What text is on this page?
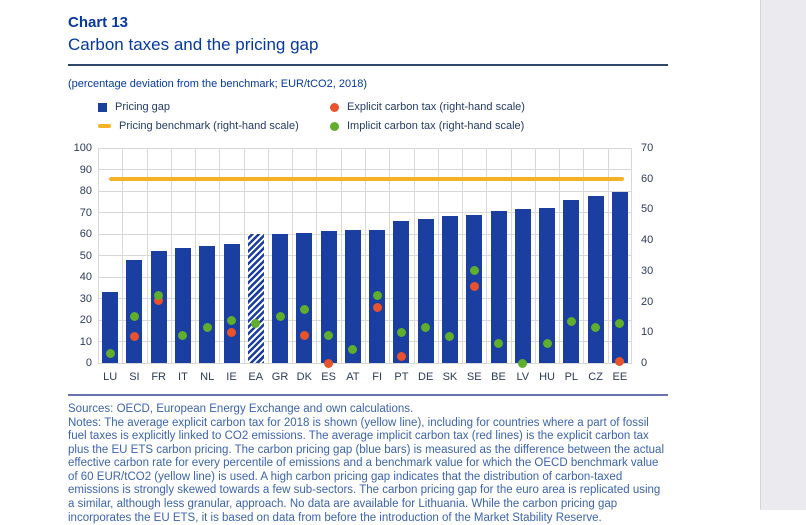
Chart 13
Carbon taxes and the pricing gap
(percentage deviation from the benchmark; EUR/tCO2, 2018)
Pricing gap	Explicit carbon tax (right-hand scale)
Pricing benchmark (right-hand scale)	Implicit carbon tax (right-hand scale)
0
10
20
30
40
50
60
70
80
90
100
0
10
20
30
40
50
60
70
LU	SI	FR	IT	NL	IE	EA GR DK ES AT	FI	PT DE SK SE BE LV HU PL CZ EE

Sources: OECD, European Energy Exchange and own calculations.

Notes: The average explicit carbon tax for 2018 is shown (yellow line), including for countries where a part of fossil fuel taxes is explicitly linked to CO2 emissions. The average implicit carbon tax (red lines) is the explicit carbon tax plus the EU ETS carbon pricing. The carbon pricing gap (blue bars) is measured as the difference between the actual effective carbon rate for every percentile of emissions and a benchmark value for which the OECD benchmark value of 60 EUR/tCO2 (yellow line) is used. A high carbon pricing gap indicates that the distribution of carbon-taxed emissions is strongly skewed towards a few sub-sectors. The carbon pricing gap for the euro area is replicated using a similar, although less granular, approach. No data are available for Lithuania. While the carbon pricing gap incorporates the EU ETS, it is based on data from before the introduction of the Market Stability Reserve.
